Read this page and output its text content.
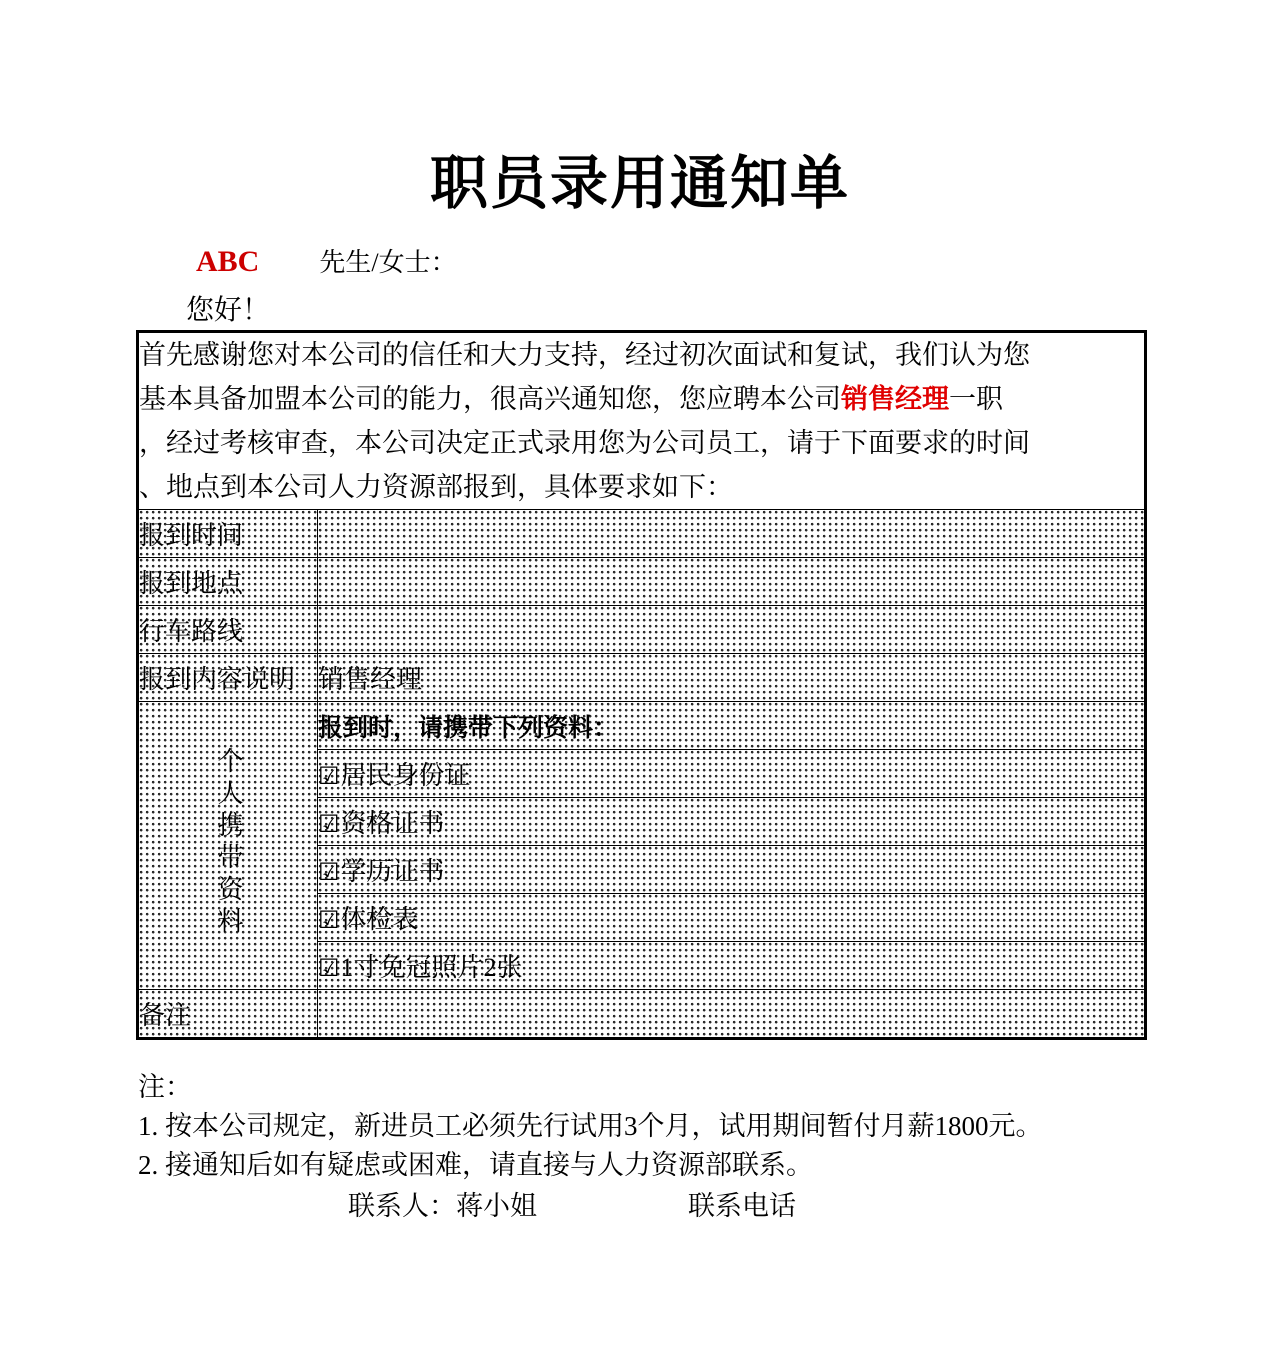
职员录用通知单
ABC 先生/女士：
您好！
首先感谢您对本公司的信任和大力支持，经过初次面试和复试，我们认为您
基本具备加盟本公司的能力，很高兴通知您，您应聘本公司销售经理一职
，经过考核审查，本公司决定正式录用您为公司员工，请于下面要求的时间
、地点到本公司人力资源部报到，具体要求如下：	

报到时间	
报到地点	
行车路线	
报到内容说明	销售经理
个人携带资料	报到时，请携带下列资料：
	☑居民身份证
	☑资格证书
	☑学历证书
	☑体检表
	☑1寸免冠照片2张
备注	
注：
1. 按本公司规定，新进员工必须先行试用3个月，试用期间暂付月薪1800元。
2. 接通知后如有疑虑或困难，请直接与人力资源部联系。
联系人：蒋小姐	联系电话
